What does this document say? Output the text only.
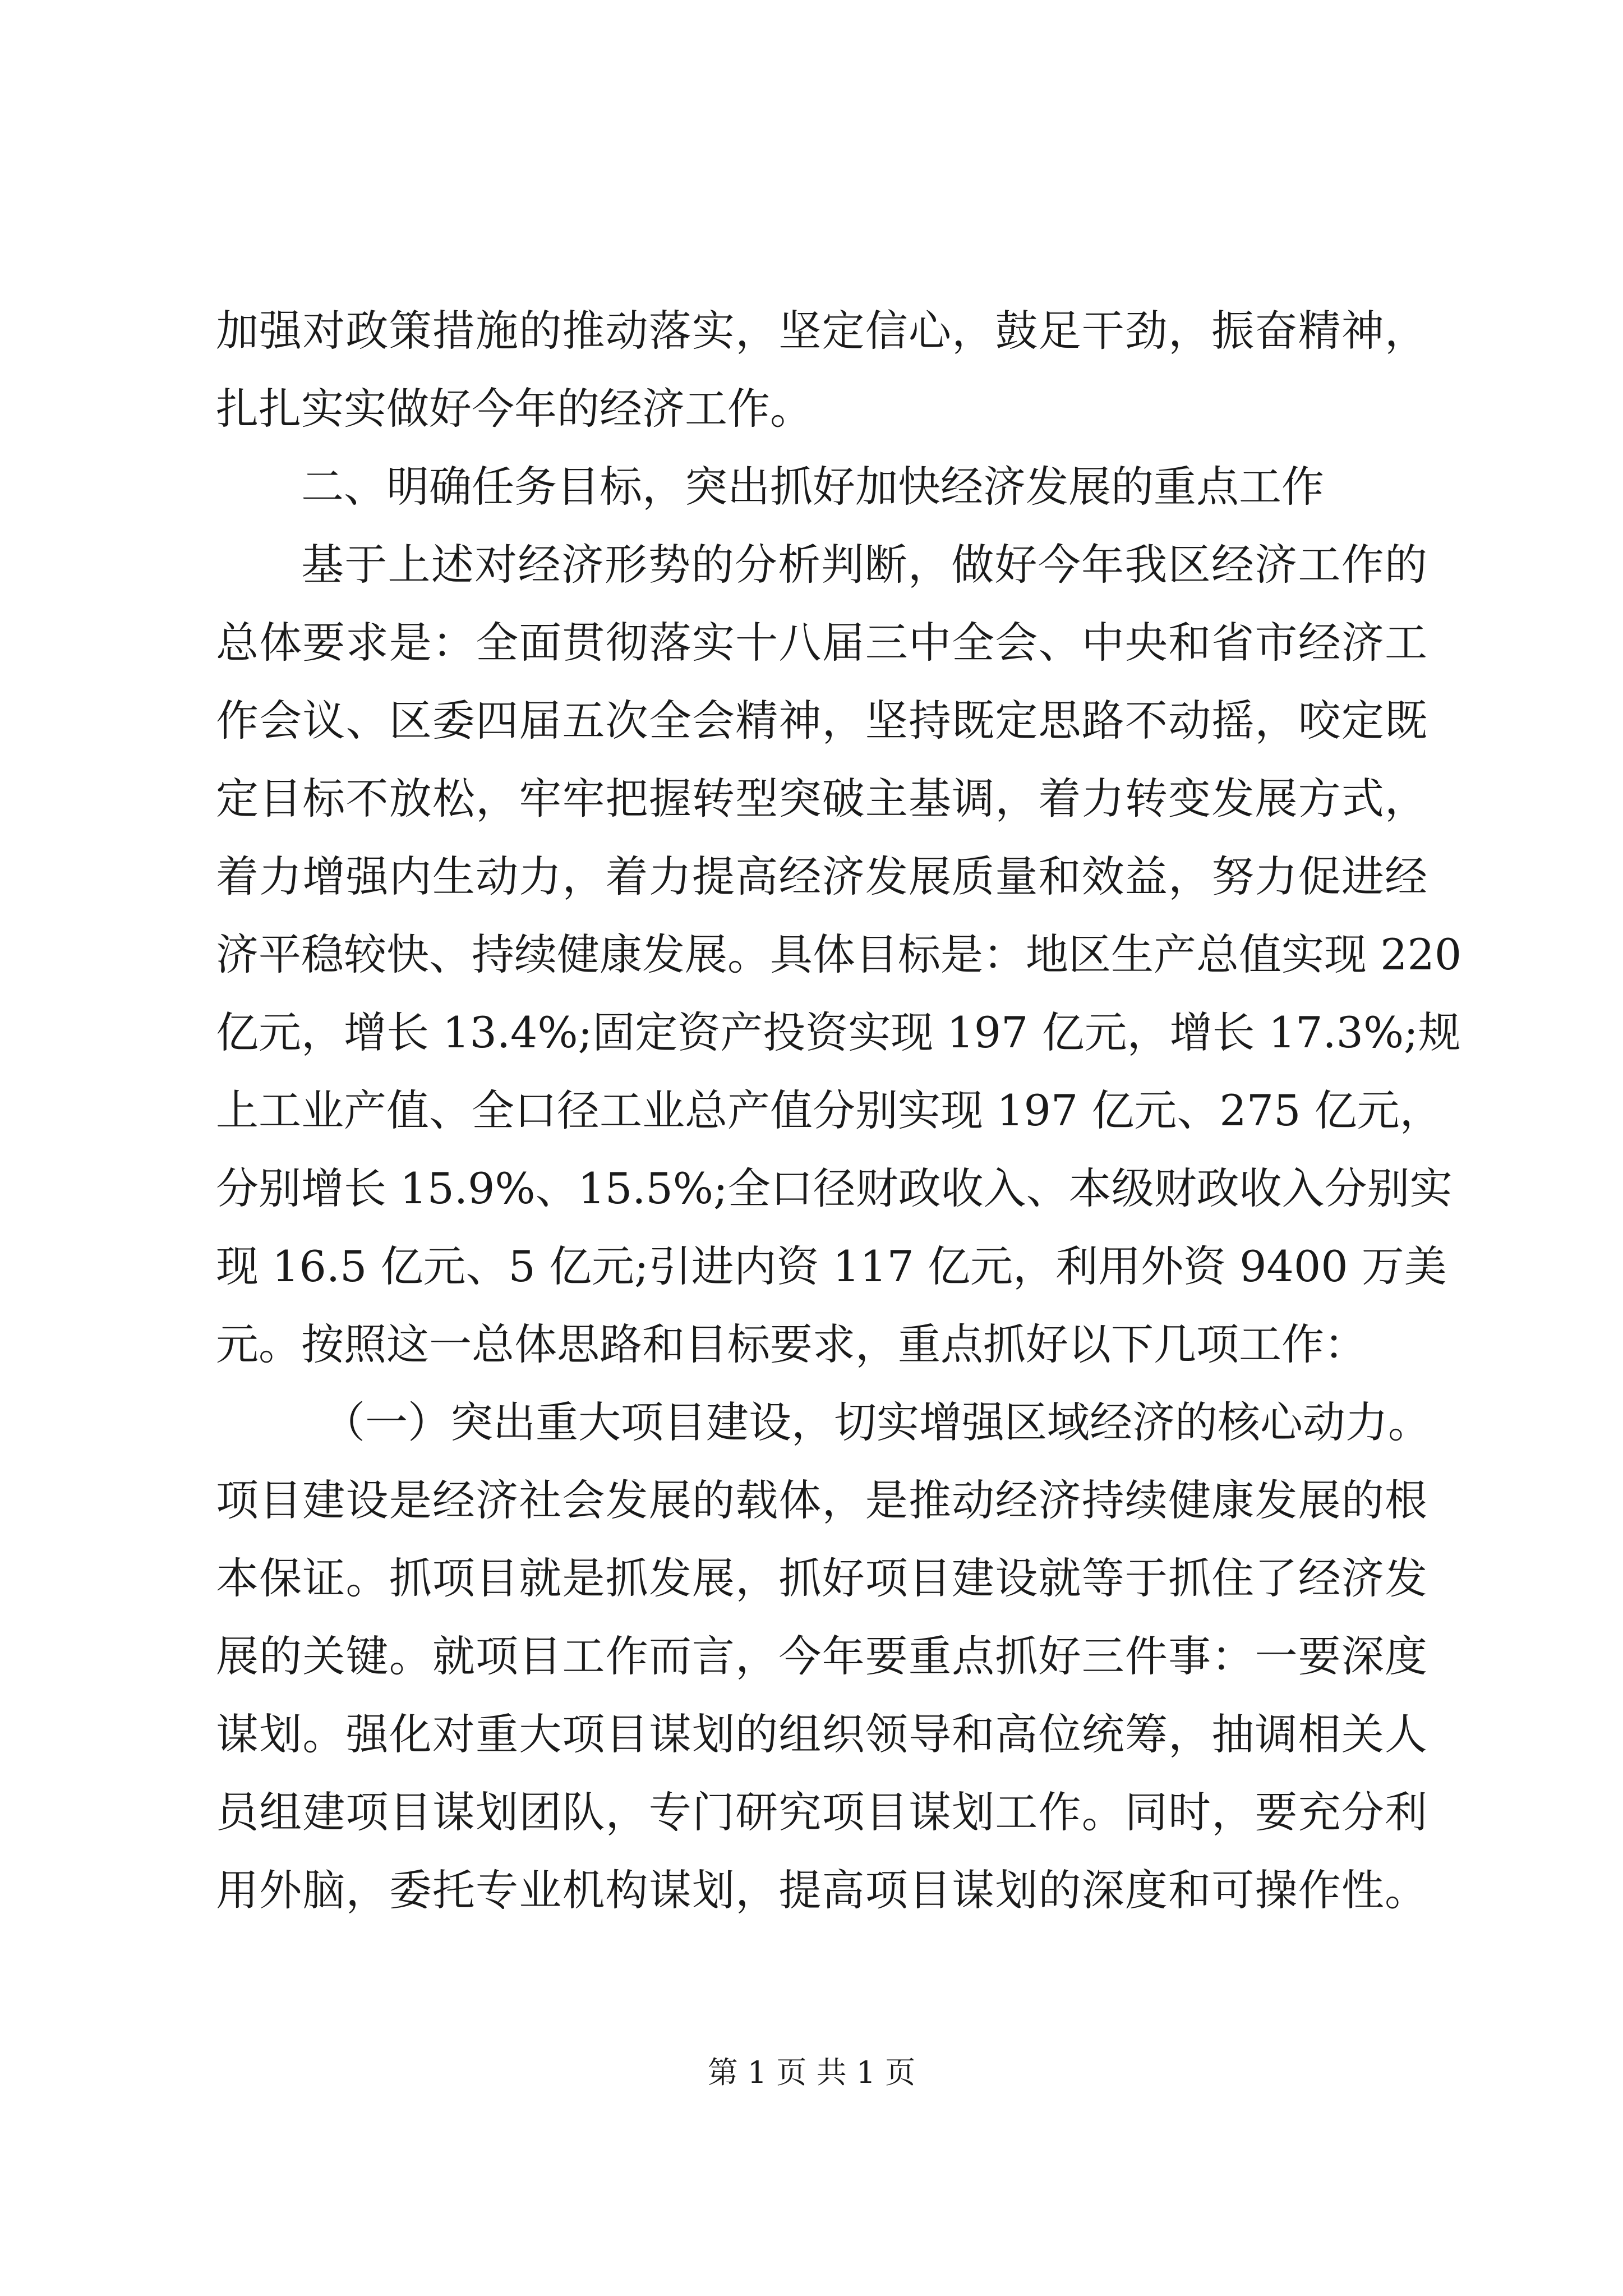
加强对政策措施的推动落实，坚定信心，鼓足干劲，振奋精神，
扎扎实实做好今年的经济工作。
二、明确任务目标，突出抓好加快经济发展的重点工作
基于上述对经济形势的分析判断，做好今年我区经济工作的
总体要求是：全面贯彻落实十八届三中全会、中央和省市经济工
作会议、区委四届五次全会精神，坚持既定思路不动摇，咬定既
定目标不放松，牢牢把握转型突破主基调，着力转变发展方式，
着力增强内生动力，着力提高经济发展质量和效益，努力促进经
济平稳较快、持续健康发展。具体目标是：地区生产总值实现 220
亿元，增长 13.4%;固定资产投资实现 197 亿元，增长 17.3%;规
上工业产值、全口径工业总产值分别实现 197 亿元、275 亿元，
分别增长 15.9%、15.5%;全口径财政收入、本级财政收入分别实
现 16.5 亿元、5 亿元;引进内资 117 亿元，利用外资 9400 万美
元。按照这一总体思路和目标要求，重点抓好以下几项工作：
（一）突出重大项目建设，切实增强区域经济的核心动力。
项目建设是经济社会发展的载体，是推动经济持续健康发展的根
本保证。抓项目就是抓发展，抓好项目建设就等于抓住了经济发
展的关键。就项目工作而言，今年要重点抓好三件事：一要深度
谋划。强化对重大项目谋划的组织领导和高位统筹，抽调相关人
员组建项目谋划团队，专门研究项目谋划工作。同时，要充分利
用外脑，委托专业机构谋划，提高项目谋划的深度和可操作性。
第 1 页 共 1 页
